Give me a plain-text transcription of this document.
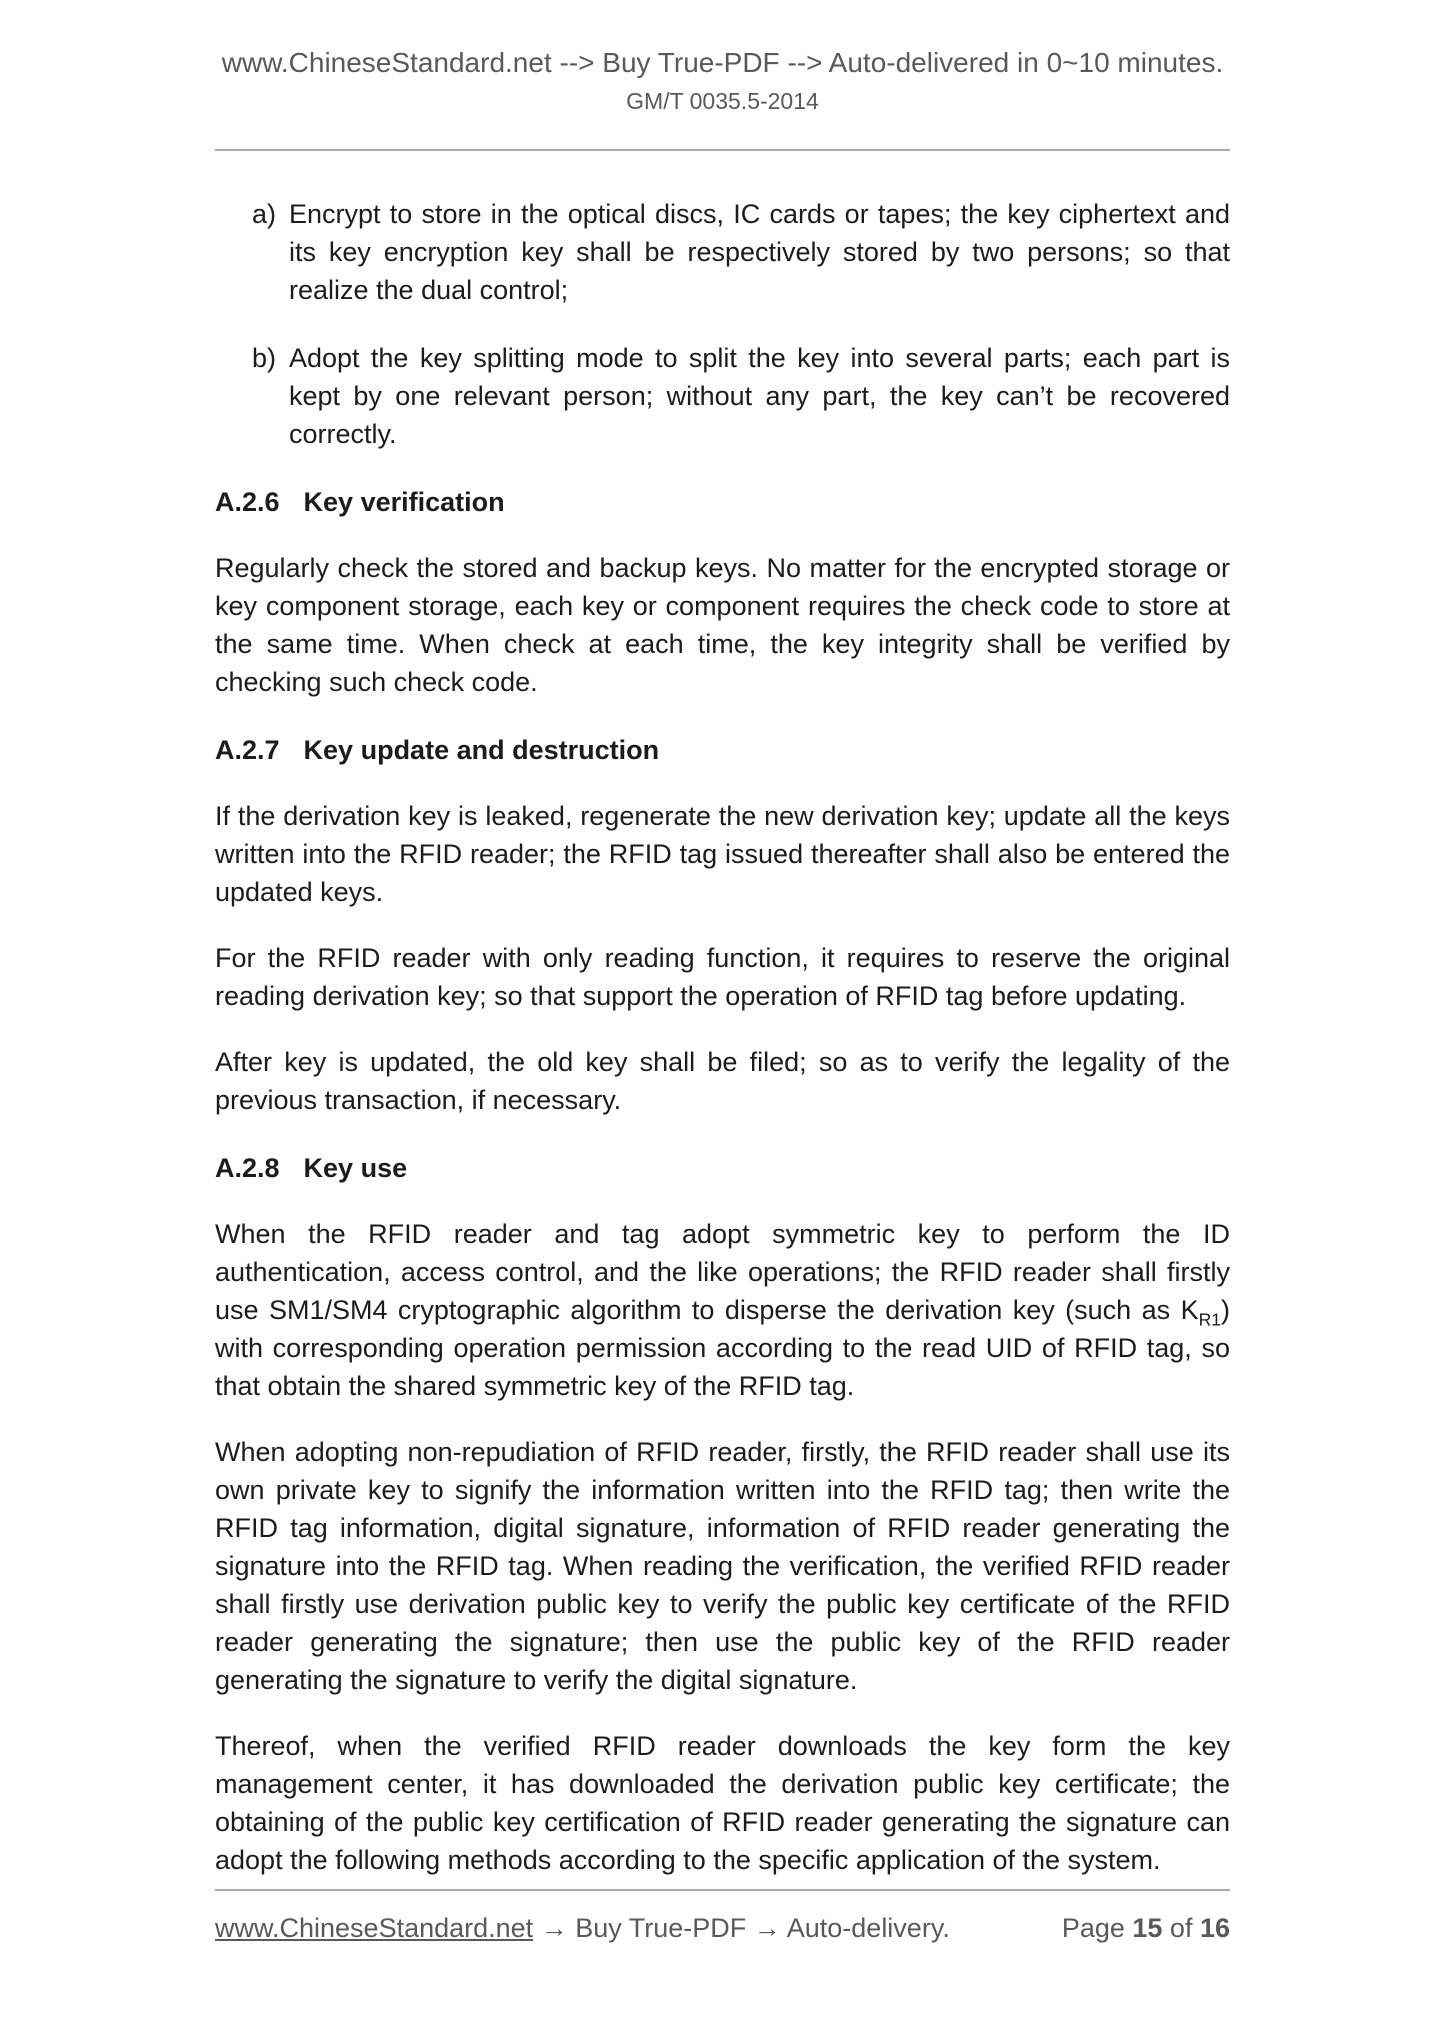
www.ChineseStandard.net --> Buy True-PDF --> Auto-delivered in 0~10 minutes.
GM/T 0035.5-2014
a) Encrypt to store in the optical discs, IC cards or tapes; the key ciphertext and its key encryption key shall be respectively stored by two persons; so that realize the dual control;
b) Adopt the key splitting mode to split the key into several parts; each part is kept by one relevant person; without any part, the key can’t be recovered correctly.
A.2.6 Key verification

Regularly check the stored and backup keys. No matter for the encrypted storage or key component storage, each key or component requires the check code to store at the same time. When check at each time, the key integrity shall be verified by checking such check code.

A.2.7 Key update and destruction

If the derivation key is leaked, regenerate the new derivation key; update all the keys written into the RFID reader; the RFID tag issued thereafter shall also be entered the updated keys.

For the RFID reader with only reading function, it requires to reserve the original reading derivation key; so that support the operation of RFID tag before updating.

After key is updated, the old key shall be filed; so as to verify the legality of the previous transaction, if necessary.

A.2.8 Key use

When the RFID reader and tag adopt symmetric key to perform the ID authentication, access control, and the like operations; the RFID reader shall firstly use SM1/SM4 cryptographic algorithm to disperse the derivation key (such as $K_{R1}$) with corresponding operation permission according to the read UID of RFID tag, so that obtain the shared symmetric key of the RFID tag.

When adopting non-repudiation of RFID reader, firstly, the RFID reader shall use its own private key to signify the information written into the RFID tag; then write the RFID tag information, digital signature, information of RFID reader generating the signature into the RFID tag. When reading the verification, the verified RFID reader shall firstly use derivation public key to verify the public key certificate of the RFID reader generating the signature; then use the public key of the RFID reader generating the signature to verify the digital signature.

Thereof, when the verified RFID reader downloads the key form the key management center, it has downloaded the derivation public key certificate; the obtaining of the public key certification of RFID reader generating the signature can adopt the following methods according to the specific application of the system.

www.ChineseStandard.net → Buy True-PDF → Auto-delivery.	Page 15 of 16
